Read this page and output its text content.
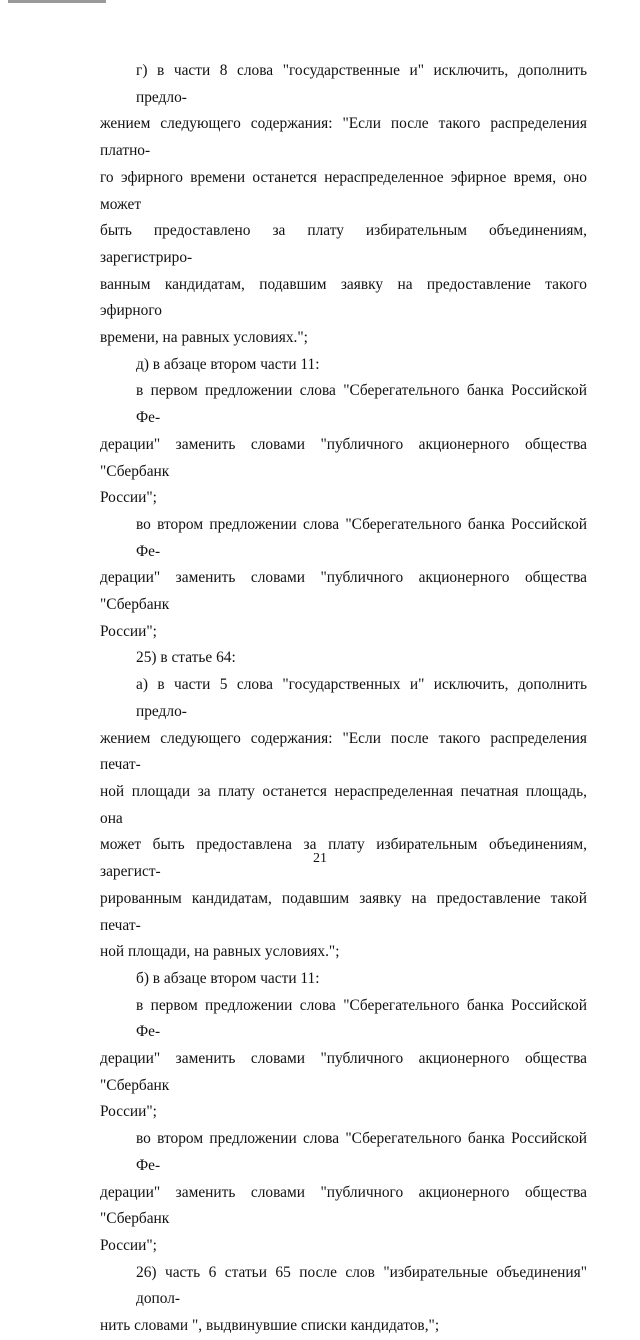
г) в части 8 слова "государственные и" исключить, дополнить предло-
жением следующего содержания: "Если после такого распределения платно-
го эфирного времени останется нераспределенное эфирное время, оно может
быть предоставлено за плату избирательным объединениям, зарегистриро-
ванным кандидатам, подавшим заявку на предоставление такого эфирного
времени, на равных условиях.";
д) в абзаце втором части 11:
в первом предложении слова "Сберегательного банка Российской Фе-
дерации" заменить словами "публичного акционерного общества "Сбербанк
России";
во втором предложении слова "Сберегательного банка Российской Фе-
дерации" заменить словами "публичного акционерного общества "Сбербанк
России";
25) в статье 64:
а) в части 5 слова "государственных и" исключить, дополнить предло-
жением следующего содержания: "Если после такого распределения печат-
ной площади за плату останется нераспределенная печатная площадь, она
может быть предоставлена за плату избирательным объединениям, зарегист-
рированным кандидатам, подавшим заявку на предоставление такой печат-
ной площади, на равных условиях.";
б) в абзаце втором части 11:
в первом предложении слова "Сберегательного банка Российской Фе-
дерации" заменить словами "публичного акционерного общества "Сбербанк
России";
во втором предложении слова "Сберегательного банка Российской Фе-
дерации" заменить словами "публичного акционерного общества "Сбербанк
России";
26) часть 6 статьи 65 после слов "избирательные объединения" допол-
нить словами ", выдвинувшие списки кандидатов,";
21
